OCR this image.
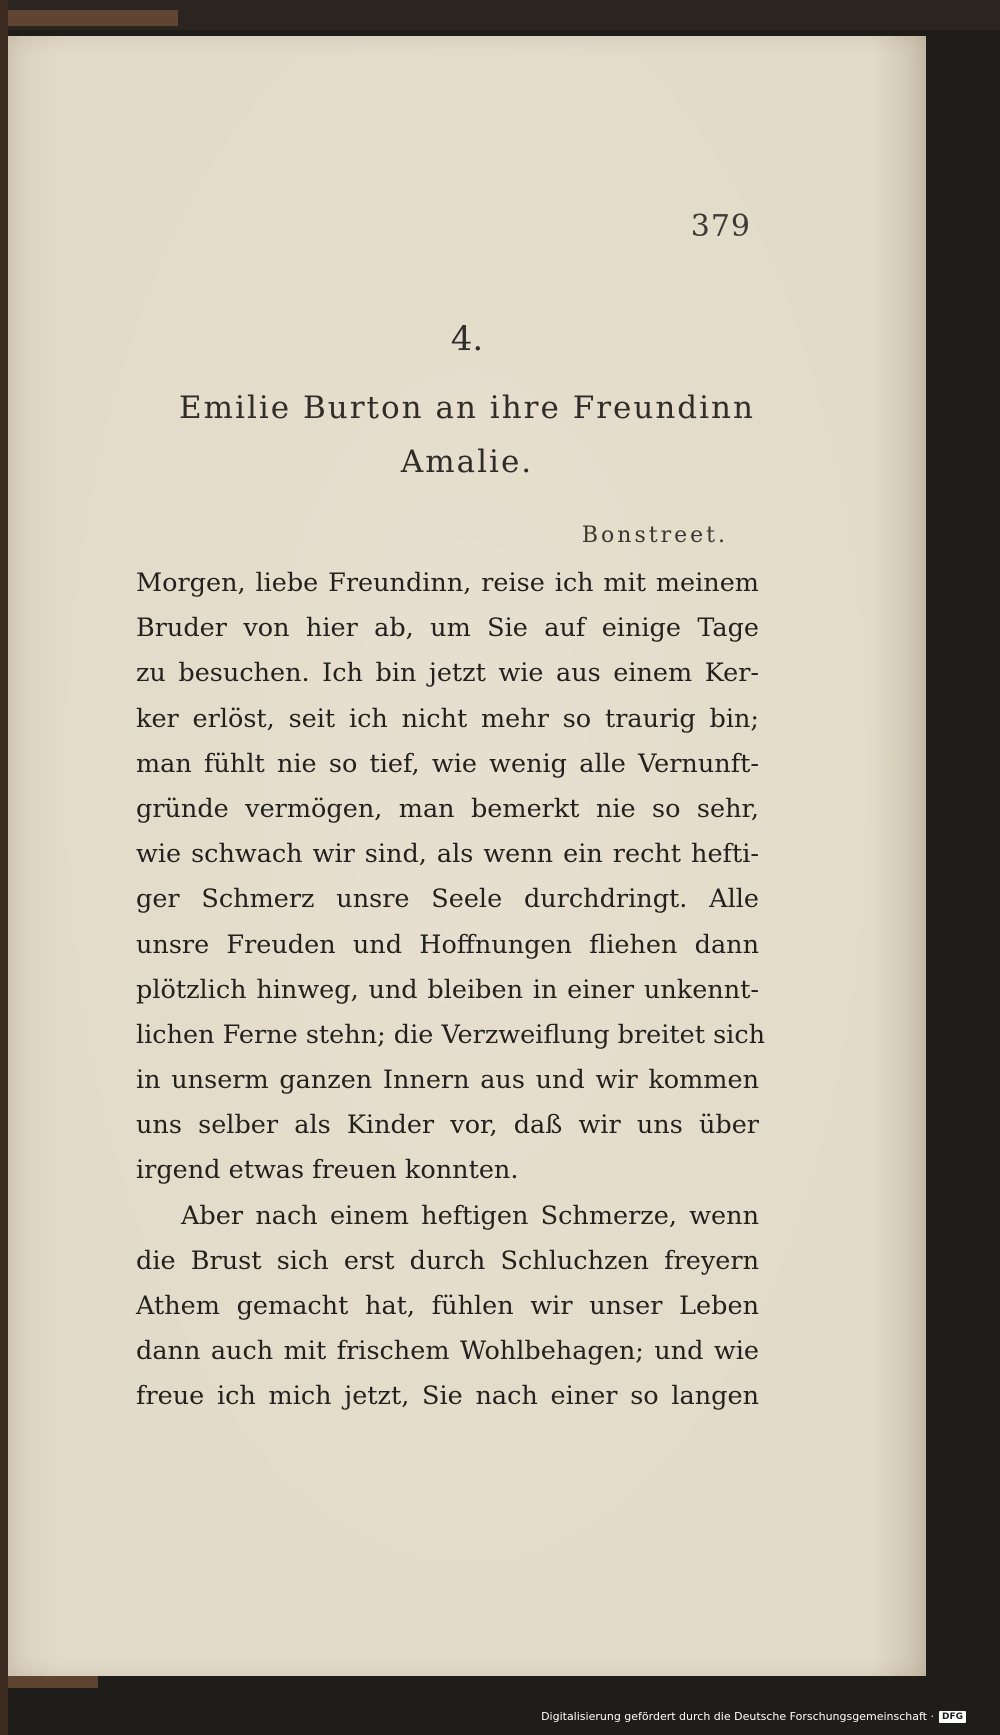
379
4.
Emilie Burton an ihre Freundinn
Amalie.
Bonstreet.
Morgen, liebe Freundinn, reise ich mit meinem
Bruder von hier ab, um Sie auf einige Tage
zu besuchen. Ich bin jetzt wie aus einem Ker-
ker erlöst, seit ich nicht mehr so traurig bin;
man fühlt nie so tief, wie wenig alle Vernunft-
gründe vermögen, man bemerkt nie so sehr,
wie schwach wir sind, als wenn ein recht hefti-
ger Schmerz unsre Seele durchdringt. Alle
unsre Freuden und Hoffnungen fliehen dann
plötzlich hinweg, und bleiben in einer unkennt-
lichen Ferne stehn; die Verzweiflung breitet sich
in unserm ganzen Innern aus und wir kommen
uns selber als Kinder vor, daß wir uns über
irgend etwas freuen konnten.
Aber nach einem heftigen Schmerze, wenn
die Brust sich erst durch Schluchzen freyern
Athem gemacht hat, fühlen wir unser Leben
dann auch mit frischem Wohlbehagen; und wie
freue ich mich jetzt, Sie nach einer so langen
Digitalisierung gefördert durch die Deutsche Forschungsgemeinschaft · DFG
